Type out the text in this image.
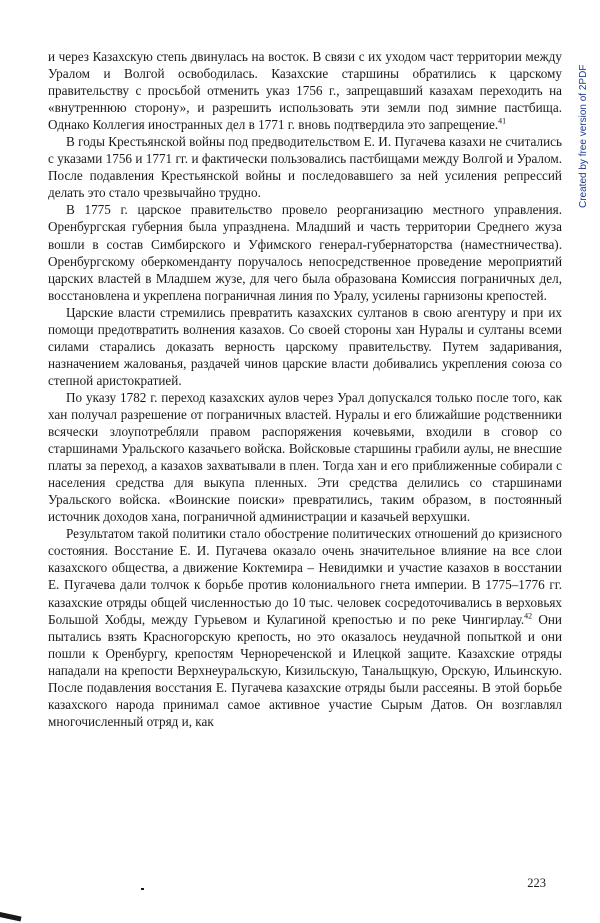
и через Казахскую степь двинулась на восток. В связи с их уходом част территории между Уралом и Волгой освободилась. Казахские старшины обратились к царскому правительству с просьбой отменить указ 1756 г., запрещавший казахам переходить на «внутреннюю сторону», и разрешить использовать эти земли под зимние пастбища. Однако Коллегия иностранных дел в 1771 г. вновь подтвердила это запрещение.$^{41}$

В годы Крестьянской войны под предводительством Е. И. Пугачева казахи не считались с указами 1756 и 1771 гг. и фактически пользовались пастбищами между Волгой и Уралом. После подавления Крестьянской войны и последовавшего за ней усиления репрессий делать это стало чрезвычайно трудно.

В 1775 г. царское правительство провело реорганизацию местного управления. Оренбургская губерния была упразднена. Младший и часть территории Среднего жуза вошли в состав Симбирского и Уфимского генерал-губернаторства (наместничества). Оренбургскому оберкоменданту поручалось непосредственное проведение мероприятий царских властей в Младшем жузе, для чего была образована Комиссия пограничных дел, восстановлена и укреплена пограничная линия по Уралу, усилены гарнизоны крепостей.

Царские власти стремились превратить казахских султанов в свою агентуру и при их помощи предотвратить волнения казахов. Со своей стороны хан Нуралы и султаны всеми силами старались доказать верность царскому правительству. Путем задаривания, назначением жалованья, раздачей чинов царские власти добивались укрепления союза со степной аристократией.

По указу 1782 г. переход казахских аулов через Урал допускался только после того, как хан получал разрешение от пограничных властей. Нуралы и его ближайшие родственники всячески злоупотребляли правом распоряжения кочевьями, входили в сговор со старшинами Уральского казачьего войска. Войсковые старшины грабили аулы, не внесшие платы за переход, а казахов захватывали в плен. Тогда хан и его приближенные собирали с населения средства для выкупа пленных. Эти средства делились со старшинами Уральского войска. «Воинские поиски» превратились, таким образом, в постоянный источник доходов хана, пограничной администрации и казачьей верхушки.

Результатом такой политики стало обострение политических отношений до кризисного состояния. Восстание Е. И. Пугачева оказало очень значительное влияние на все слои казахского общества, а движение Коктемира – Невидимки и участие казахов в восстании Е. Пугачева дали толчок к борьбе против колониального гнета империи. В 1775–1776 гг. казахские отряды общей численностью до 10 тыс. человек сосредоточивались в верховьях Большой Хобды, между Гурьевом и Кулагиной крепостью и по реке Чингирлау.$^{42}$ Они пытались взять Красногорскую крепость, но это оказалось неудачной попыткой и они пошли к Оренбургу, крепостям Чернореченской и Илецкой защите. Казахские отряды нападали на крепости Верхнеуральскую, Кизильскую, Танальщкую, Орскую, Ильинскую. После подавления восстания Е. Пугачева казахские отряды были рассеяны. В этой борьбе казахского народа принимал самое активное участие Сырым Датов. Он возглавлял многочисленный отряд и, как

223
Created by free version of 2PDF
